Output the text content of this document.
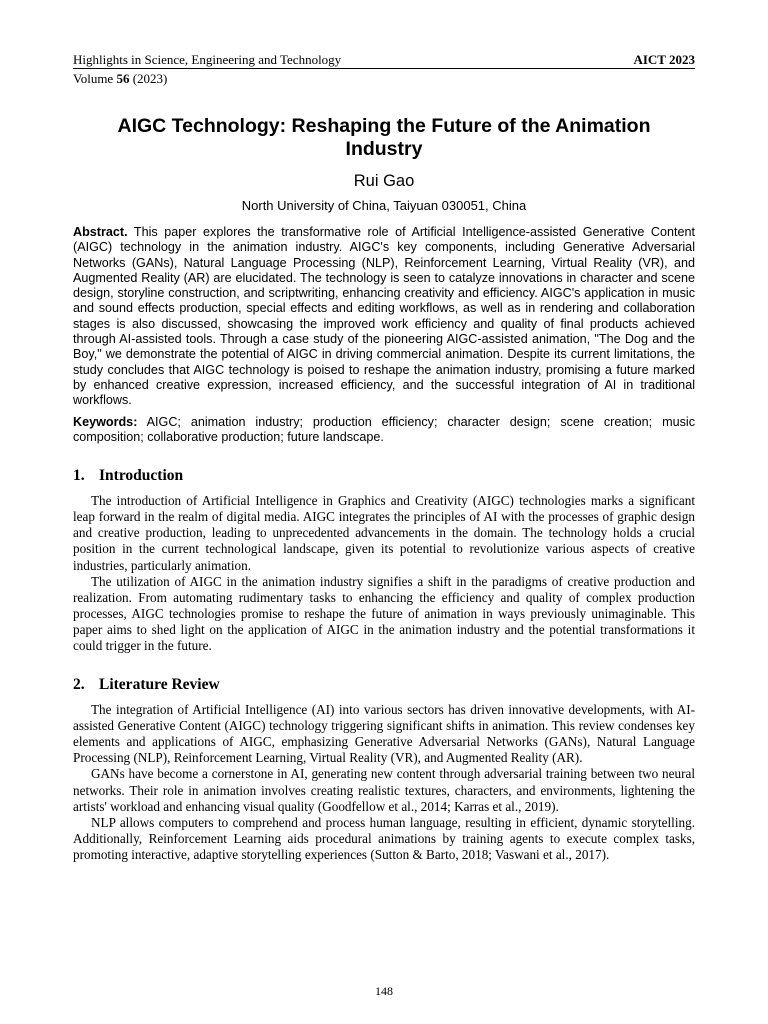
Highlights in Science, Engineering and Technology	AICT 2023
Volume 56 (2023)
AIGC Technology: Reshaping the Future of the Animation Industry
Rui Gao
North University of China, Taiyuan 030051, China
Abstract. This paper explores the transformative role of Artificial Intelligence-assisted Generative Content (AIGC) technology in the animation industry. AIGC's key components, including Generative Adversarial Networks (GANs), Natural Language Processing (NLP), Reinforcement Learning, Virtual Reality (VR), and Augmented Reality (AR) are elucidated. The technology is seen to catalyze innovations in character and scene design, storyline construction, and scriptwriting, enhancing creativity and efficiency. AIGC's application in music and sound effects production, special effects and editing workflows, as well as in rendering and collaboration stages is also discussed, showcasing the improved work efficiency and quality of final products achieved through AI-assisted tools. Through a case study of the pioneering AIGC-assisted animation, "The Dog and the Boy," we demonstrate the potential of AIGC in driving commercial animation. Despite its current limitations, the study concludes that AIGC technology is poised to reshape the animation industry, promising a future marked by enhanced creative expression, increased efficiency, and the successful integration of AI in traditional workflows.
Keywords: AIGC; animation industry; production efficiency; character design; scene creation; music composition; collaborative production; future landscape.
1. Introduction

The introduction of Artificial Intelligence in Graphics and Creativity (AIGC) technologies marks a significant leap forward in the realm of digital media. AIGC integrates the principles of AI with the processes of graphic design and creative production, leading to unprecedented advancements in the domain. The technology holds a crucial position in the current technological landscape, given its potential to revolutionize various aspects of creative industries, particularly animation.

The utilization of AIGC in the animation industry signifies a shift in the paradigms of creative production and realization. From automating rudimentary tasks to enhancing the efficiency and quality of complex production processes, AIGC technologies promise to reshape the future of animation in ways previously unimaginable. This paper aims to shed light on the application of AIGC in the animation industry and the potential transformations it could trigger in the future.

2. Literature Review

The integration of Artificial Intelligence (AI) into various sectors has driven innovative developments, with AI-assisted Generative Content (AIGC) technology triggering significant shifts in animation. This review condenses key elements and applications of AIGC, emphasizing Generative Adversarial Networks (GANs), Natural Language Processing (NLP), Reinforcement Learning, Virtual Reality (VR), and Augmented Reality (AR).

GANs have become a cornerstone in AI, generating new content through adversarial training between two neural networks. Their role in animation involves creating realistic textures, characters, and environments, lightening the artists' workload and enhancing visual quality (Goodfellow et al., 2014; Karras et al., 2019).

NLP allows computers to comprehend and process human language, resulting in efficient, dynamic storytelling. Additionally, Reinforcement Learning aids procedural animations by training agents to execute complex tasks, promoting interactive, adaptive storytelling experiences (Sutton & Barto, 2018; Vaswani et al., 2017).

148
